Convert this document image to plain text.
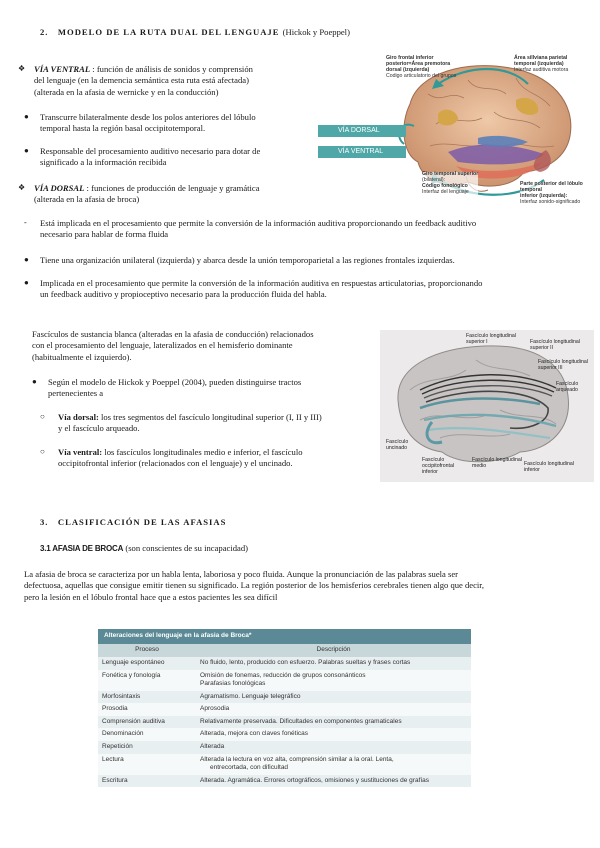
2. MODELO DE LA RUTA DUAL DEL LENGUAJE (Hickok y Poeppel)
❖	VÍA VENTRAL : función de análisis de sonidos y comprensión
del lenguaje (en la demencia semántica esta ruta está afectada)
(alterada en la afasia de wernicke y en la conducción)
●	Transcurre bilateralmente desde los polos anteriores del lóbulo
temporal hasta la región basal occipitotemporal.
●	Responsable del procesamiento auditivo necesario para dotar de
significado a la información recibida
❖	VÍA DORSAL : funciones de producción de lenguaje y gramática
(alterada en la afasia de broca)
-	Está implicada en el procesamiento que permite la conversión de la información auditiva proporcionando un feedback auditivo
necesario para hablar de forma fluida
●	Tiene una organización unilateral (izquierda) y abarca desde la unión temporoparietal a las regiones frontales izquierdas.
●	Implicada en el procesamiento que permite la conversión de la información auditiva en respuestas articulatorias, proporcionando
un feedback auditivo y propioceptivo necesario para la producción fluida del habla.
Giro frontal inferior
posterior=Área premotora
dorsal (izquierda)
Codigo articulatorio del grupos
Área sillviana parietal
temporal (izquierda)
Interfaz auditiva motora
Giro temporal superior
(bilateral):
Código fonológico
Interfaz del lenguaje
Parte posterior del lóbulo temporal
inferior (izquierda):
Interfaz sonido-significado
VÍA DORSAL
VÍA VENTRAL
Fascículos de sustancia blanca (alteradas en la afasia de conducción) relacionados
con el procesamiento del lenguaje, lateralizados en el hemisferio dominante
(habitualmente el izquierdo).
●	Según el modelo de Hickok y Poeppel (2004), pueden distinguirse tractos
pertenecientes a
○	Vía dorsal: los tres segmentos del fascículo longitudinal superior (I, II y III)
y el fascículo arqueado.
○	Vía ventral: los fascículos longitudinales medio e inferior, el fascículo
occipitofrontal inferior (relacionados con el lenguaje) y el uncinado.
Fascículo longitudinal
superior I	Fascículo longitudinal
superior II
Fascículo longitudinal
superior III
Fascículo
arqueado
Fascículo
uncinado
Fascículo
occipitofrontal
inferior
Fascículo longitudinal
medio	Fascículo longitudinal
inferior
3. CLASIFICACIÓN DE LAS AFASIAS
3.1 AFASIA DE BROCA (son conscientes de su incapacidad)
La afasia de broca se caracteriza por un habla lenta, laboriosa y poco fluida. Aunque la pronunciación de las palabras suela ser
defectuosa, aquellas que consigue emitir tienen su significado. La región posterior de los hemisferios cerebrales tienen algo que decir,
pero la lesión en el lóbulo frontal hace que a estos pacientes les sea difícil
Alteraciones del lenguaje en la afasia de Broca*
Proceso	Descripción
Lenguaje espontáneo	No fluido, lento, producido con esfuerzo. Palabras sueltas y frases cortas
Fonética y fonología	Omisión de fonemas, reducción de grupos consonánticos
Parafasias fonológicas
Morfosintaxis	Agramatismo. Lenguaje telegráfico
Prosodia	Aprosodia
Comprensión auditiva	Relativamente preservada. Dificultades en componentes gramaticales
Denominación	Alterada, mejora con claves fonéticas
Repetición	Alterada
Lectura	Alterada la lectura en voz alta, comprensión similar a la oral. Lenta,
entrecortada, con dificultad
Escritura	Alterada. Agramática. Errores ortográficos, omisiones y sustituciones de grafías
